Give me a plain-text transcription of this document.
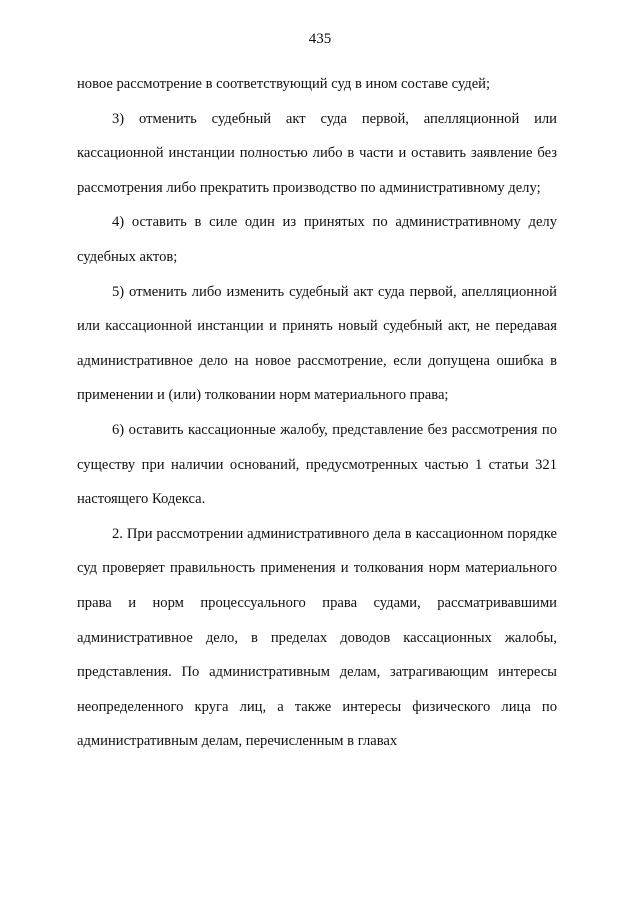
435

новое рассмотрение в соответствующий суд в ином составе судей;

3) отменить судебный акт суда первой, апелляционной или кассационной инстанции полностью либо в части и оставить заявление без рассмотрения либо прекратить производство по административному делу;

4) оставить в силе один из принятых по административному делу судебных актов;

5) отменить либо изменить судебный акт суда первой, апелляционной или кассационной инстанции и принять новый судебный акт, не передавая административное дело на новое рассмотрение, если допущена ошибка в применении и (или) толковании норм материального права;

6) оставить кассационные жалобу, представление без рассмотрения по существу при наличии оснований, предусмотренных частью 1 статьи 321 настоящего Кодекса.

2. При рассмотрении административного дела в кассационном порядке суд проверяет правильность применения и толкования норм материального права и норм процессуального права судами, рассматривавшими административное дело, в пределах доводов кассационных жалобы, представления. По административным делам, затрагивающим интересы неопределенного круга лиц, а также интересы физического лица по административным делам, перечисленным в главах
